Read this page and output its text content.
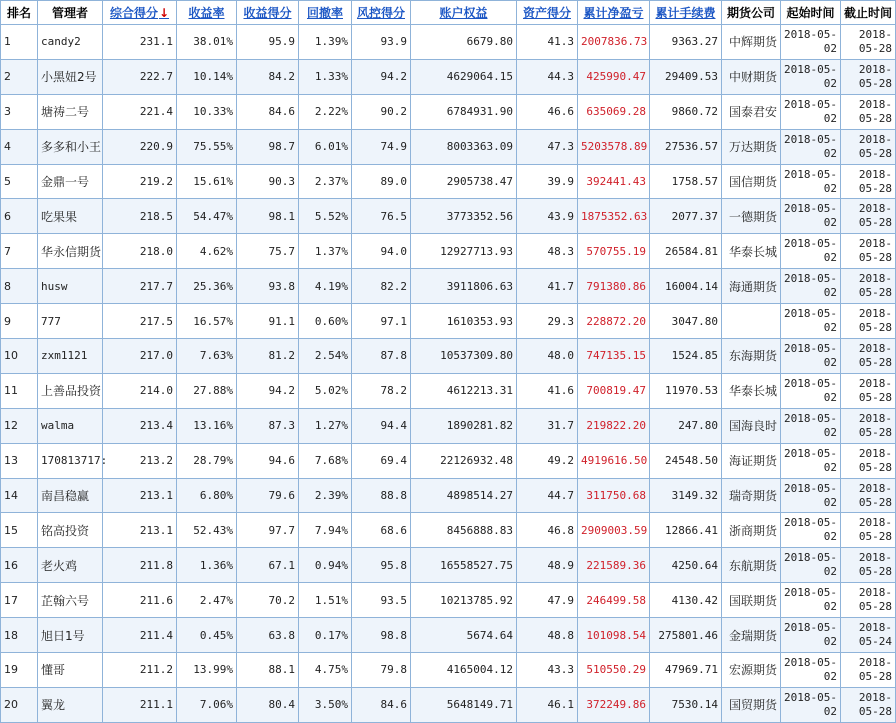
排名	管理者	综合得分↓	收益率	收益得分	回撤率	风控得分	账户权益	资产得分	累计净盈亏	累计手续费	期货公司	起始时间	截止时间
1	candy2	231.1	38.01%	95.9	1.39%	93.9	6679.80	41.3	2007836.73	9363.27	中辉期货	2018-05-02	2018-05-28
2	小黑妞2号	222.7	10.14%	84.2	1.33%	94.2	4629064.15	44.3	425990.47	29409.53	中财期货	2018-05-02	2018-05-28
3	塘祷二号	221.4	10.33%	84.6	2.22%	90.2	6784931.90	46.6	635069.28	9860.72	国泰君安	2018-05-02	2018-05-28
4	多多和小王	220.9	75.55%	98.7	6.01%	74.9	8003363.09	47.3	5203578.89	27536.57	万达期货	2018-05-02	2018-05-28
5	金鼎一号	219.2	15.61%	90.3	2.37%	89.0	2905738.47	39.9	392441.43	1758.57	国信期货	2018-05-02	2018-05-28
6	吃果果	218.5	54.47%	98.1	5.52%	76.5	3773352.56	43.9	1875352.63	2077.37	一德期货	2018-05-02	2018-05-28
7	华永信期货	218.0	4.62%	75.7	1.37%	94.0	12927713.93	48.3	570755.19	26584.81	华泰长城	2018-05-02	2018-05-28
8	husw	217.7	25.36%	93.8	4.19%	82.2	3911806.63	41.7	791380.86	16004.14	海通期货	2018-05-02	2018-05-28
9	777	217.5	16.57%	91.1	0.60%	97.1	1610353.93	29.3	228872.20	3047.80		2018-05-02	2018-05-28
10	zxm1121	217.0	7.63%	81.2	2.54%	87.8	10537309.80	48.0	747135.15	1524.85	东海期货	2018-05-02	2018-05-28
11	上善品投资	214.0	27.88%	94.2	5.02%	78.2	4612213.31	41.6	700819.47	11970.53	华泰长城	2018-05-02	2018-05-28
12	walma	213.4	13.16%	87.3	1.27%	94.4	1890281.82	31.7	219822.20	247.80	国海良时	2018-05-02	2018-05-28
13	170813717:	213.2	28.79%	94.6	7.68%	69.4	22126932.48	49.2	4919616.50	24548.50	海证期货	2018-05-02	2018-05-28
14	南昌稳赢	213.1	6.80%	79.6	2.39%	88.8	4898514.27	44.7	311750.68	3149.32	瑞奇期货	2018-05-02	2018-05-28
15	铭高投资	213.1	52.43%	97.7	7.94%	68.6	8456888.83	46.8	2909003.59	12866.41	浙商期货	2018-05-02	2018-05-28
16	老火鸡	211.8	1.36%	67.1	0.94%	95.8	16558527.75	48.9	221589.36	4250.64	东航期货	2018-05-02	2018-05-28
17	芷翰六号	211.6	2.47%	70.2	1.51%	93.5	10213785.92	47.9	246499.58	4130.42	国联期货	2018-05-02	2018-05-28
18	旭日1号	211.4	0.45%	63.8	0.17%	98.8	5674.64	48.8	101098.54	275801.46	金瑞期货	2018-05-02	2018-05-24
19	懂哥	211.2	13.99%	88.1	4.75%	79.8	4165004.12	43.3	510550.29	47969.71	宏源期货	2018-05-02	2018-05-28
20	翼龙	211.1	7.06%	80.4	3.50%	84.6	5648149.71	46.1	372249.86	7530.14	国贸期货	2018-05-02	2018-05-28
